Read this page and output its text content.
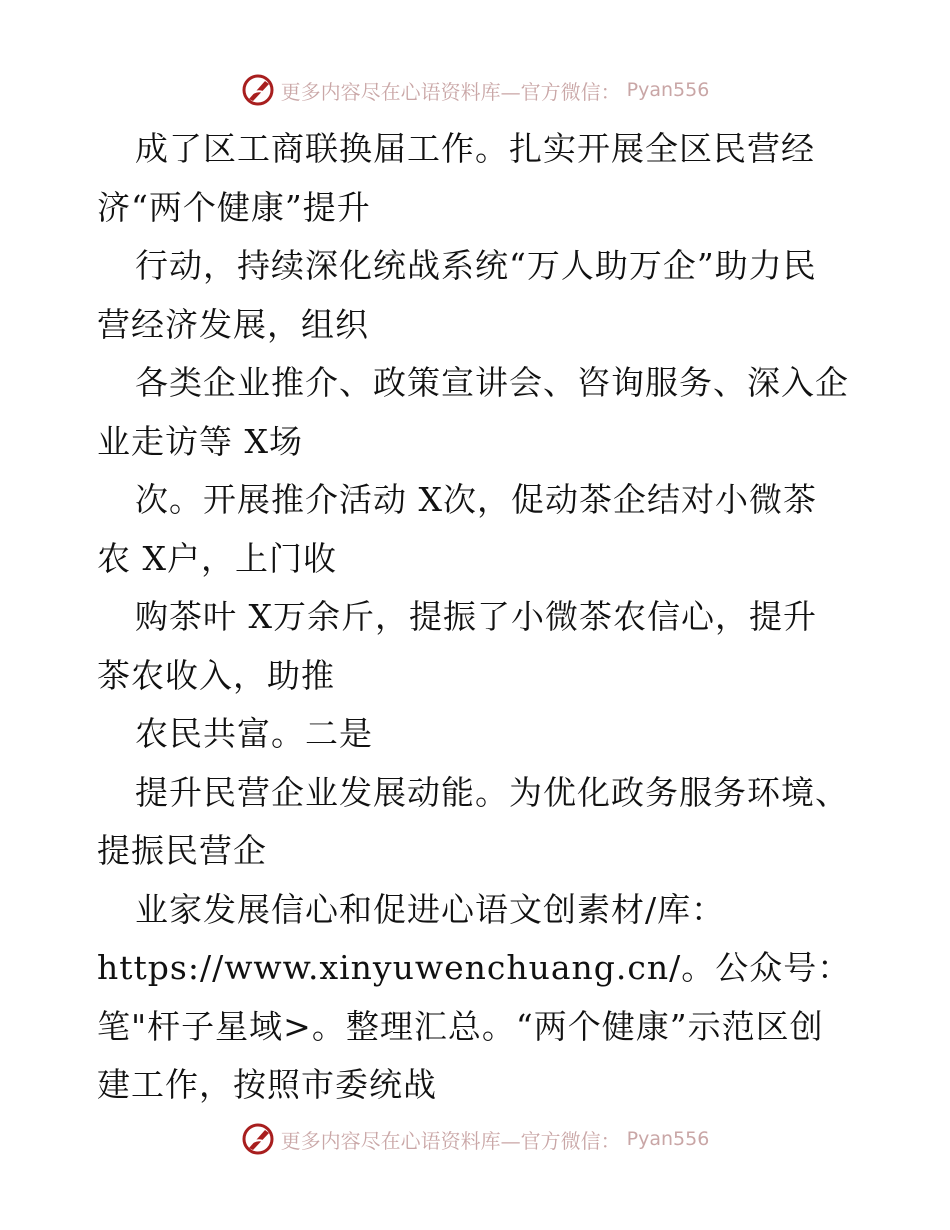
更多内容尽在心语资料库—官方微信： Pyan556
成了区工商联换届工作。扎实开展全区民营经
济“两个健康”提升
行动，持续深化统战系统“万人助万企”助力民
营经济发展，组织
各类企业推介、政策宣讲会、咨询服务、深入企
业走访等 X场
次。开展推介活动 X次，促动茶企结对小微茶
农 X户，上门收
购茶叶 X万余斤，提振了小微茶农信心，提升
茶农收入，助推
农民共富。二是
提升民营企业发展动能。为优化政务服务环境、
提振民营企
业家发展信心和促进心语文创素材/库：
https://www.xinyuwenchuang.cn/。公众号：
笔"杆子星域>。整理汇总。“两个健康”示范区创
建工作，按照市委统战
更多内容尽在心语资料库—官方微信： Pyan556
